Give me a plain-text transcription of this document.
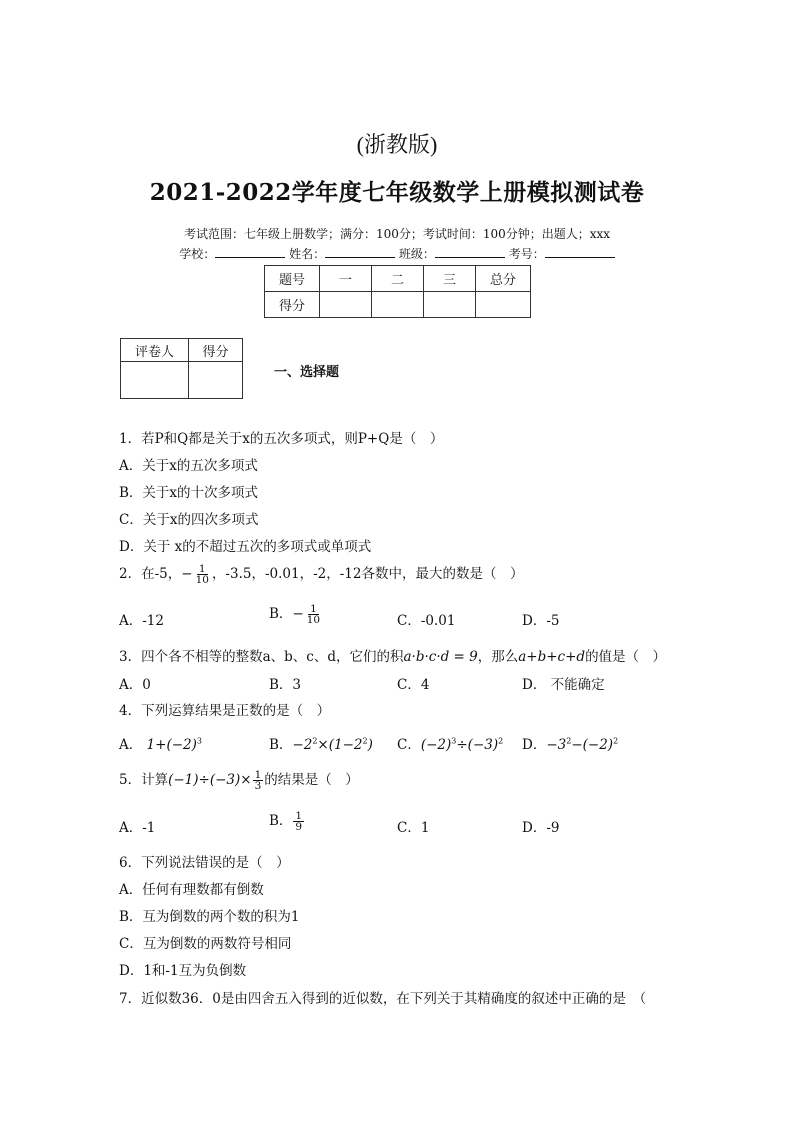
(浙教版)
2021-2022学年度七年级数学上册模拟测试卷
考试范围：七年级上册数学；满分：100分；考试时间：100分钟；出题人；xxx
学校：	姓名：	班级：	考号：
题号	一	二	三	总分
得分				
评卷人	得分

一、选择题
1．若P和Q都是关于x的五次多项式，则P+Q是（　）
A．关于x的五次多项式
B．关于x的十次多项式
C．关于x的四次多项式
D．关于 x的不超过五次的多项式或单项式
2．在-5，− $\frac{1}{10}$ ，-3.5，-0.01，-2，-12各数中，最大的数是（　）
A．-12	B．− $\frac{1}{10}$	C．-0.01	D．-5
3．四个各不相等的整数a、b、c、d，它们的积a·b·c·d = 9，那么a+b+c+d的值是（　）
A．0	B．3	C．4	D． 不能确定
4．下列运算结果是正数的是（　）
A． $1+(-2)^3$	B．$-2^2\times(1-2^2)$ C．$(-2)^3\div(-3)^2$ D．$-3^2-(-2)^2$
5．计算$(-1)\div(-3)\times \frac{1}{3}$ 的结果是（　）
A．-1	B． $\frac{1}{9}$	C．1	D．-9
6．下列说法错误的是（　）
A．任何有理数都有倒数
B．互为倒数的两个数的积为1
C．互为倒数的两数符号相同
D．1和-1互为负倒数
7．近似数36．0是由四舍五入得到的近似数，在下列关于其精确度的叙述中正确的是　（
